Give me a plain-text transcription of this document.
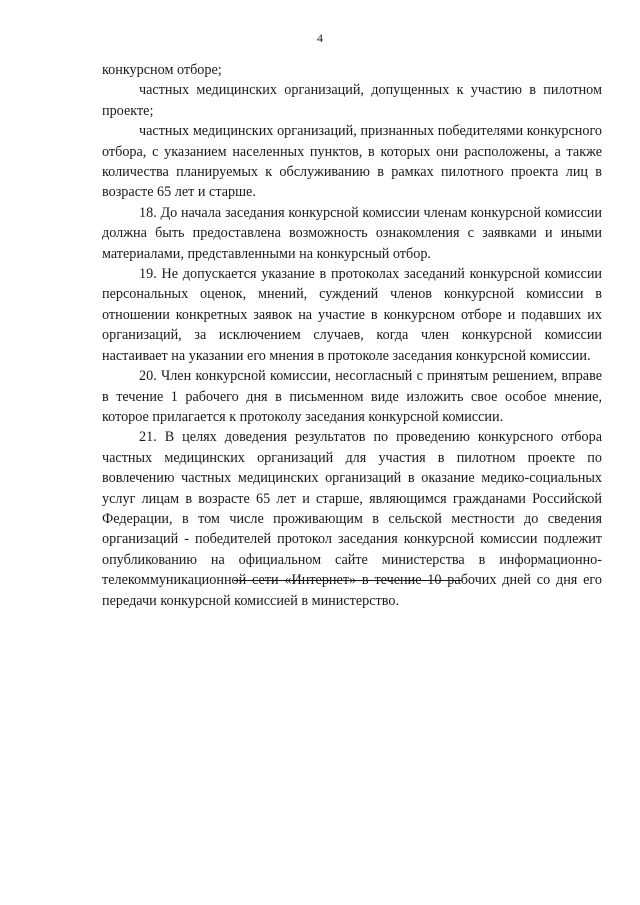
4

конкурсном отборе;

частных медицинских организаций, допущенных к участию в пилотном проекте;

частных медицинских организаций, признанных победителями конкурсного отбора, с указанием населенных пунктов, в которых они расположены, а также количества планируемых к обслуживанию в рамках пилотного проекта лиц в возрасте 65 лет и старше.

18. До начала заседания конкурсной комиссии членам конкурсной комиссии должна быть предоставлена возможность ознакомления с заявками и иными материалами, представленными на конкурсный отбор.

19. Не допускается указание в протоколах заседаний конкурсной комиссии персональных оценок, мнений, суждений членов конкурсной комиссии в отношении конкретных заявок на участие в конкурсном отборе и подавших их организаций, за исключением случаев, когда член конкурсной комиссии настаивает на указании его мнения в протоколе заседания конкурсной комиссии.

20. Член конкурсной комиссии, несогласный с принятым решением, вправе в течение 1 рабочего дня в письменном виде изложить свое особое мнение, которое прилагается к протоколу заседания конкурсной комиссии.

21. В целях доведения результатов по проведению конкурсного отбора частных медицинских организаций для участия в пилотном проекте по вовлечению частных медицинских организаций в оказание медико-социальных услуг лицам в возрасте 65 лет и старше, являющимся гражданами Российской Федерации, в том числе проживающим в сельской местности до сведения организаций - победителей протокол заседания конкурсной комиссии подлежит опубликованию на официальном сайте министерства в информационно-телекоммуникационной сети «Интернет» в течение 10 рабочих дней со дня его передачи конкурсной комиссией в министерство.
